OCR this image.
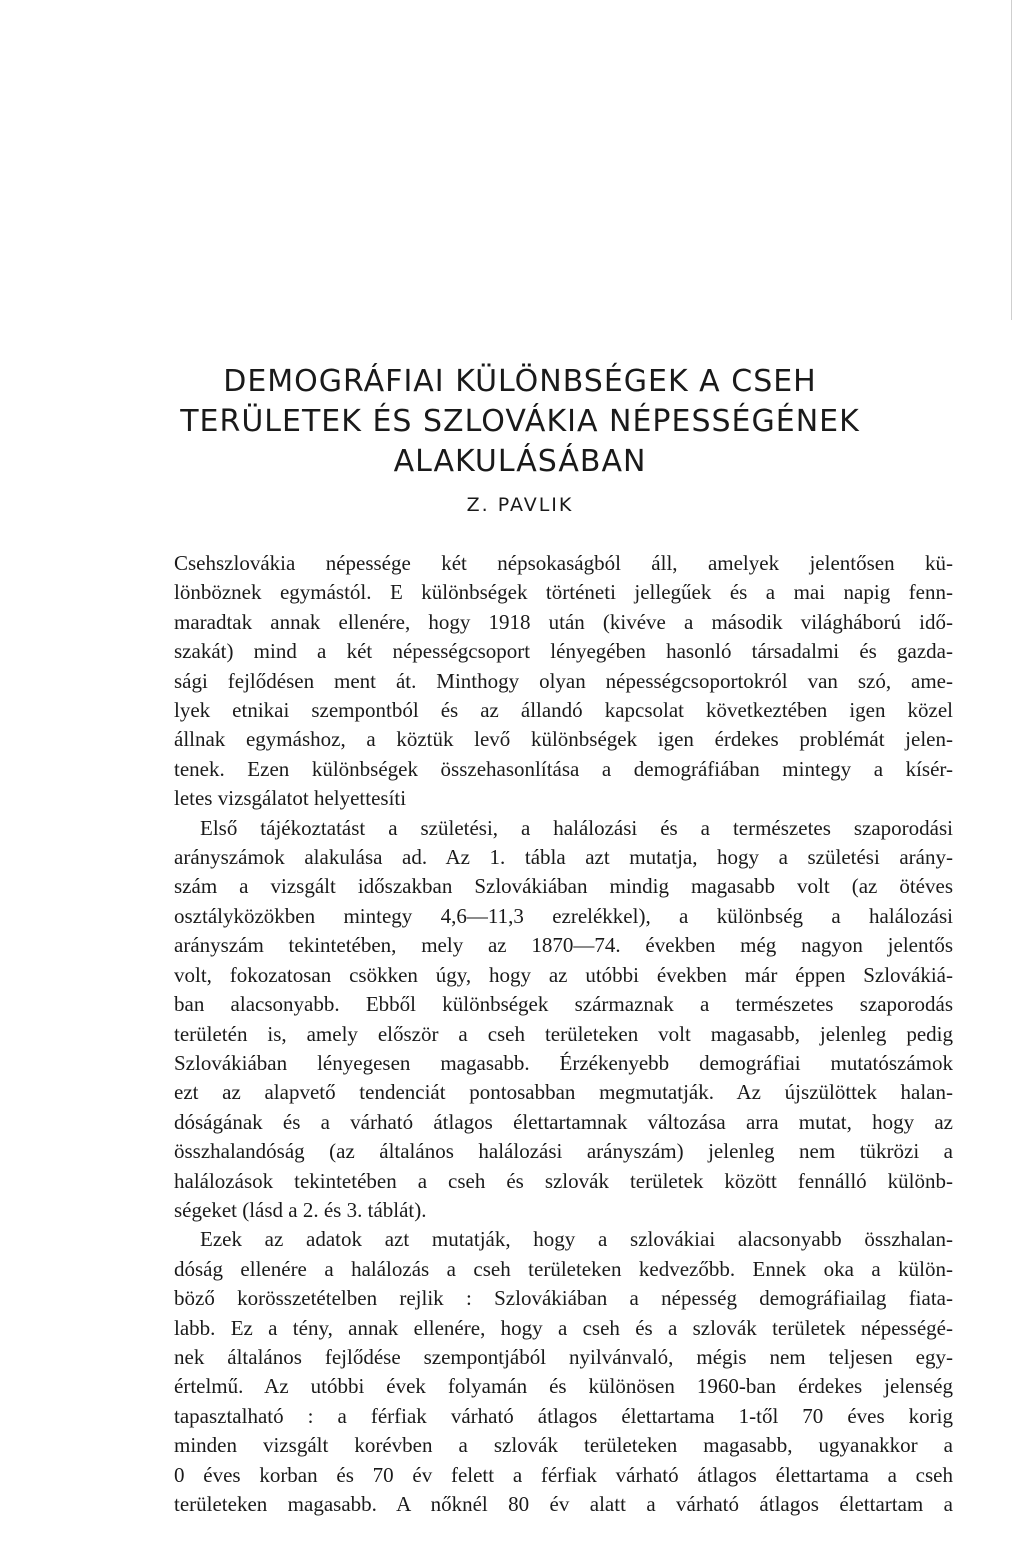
DEMOGRÁFIAI KÜLÖNBSÉGEK A CSEH
TERÜLETEK ÉS SZLOVÁKIA NÉPESSÉGÉNEK
ALAKULÁSÁBAN
Z. PAVLIK
Csehszlovákia népessége két népsokaságból áll, amelyek jelentősen kü-
lönböznek egymástól. E különbségek történeti jellegűek és a mai napig fenn-
maradtak annak ellenére, hogy 1918 után (kivéve a második világháború idő-
szakát) mind a két népességcsoport lényegében hasonló társadalmi és gazda-
sági fejlődésen ment át. Minthogy olyan népességcsoportokról van szó, ame-
lyek etnikai szempontból és az állandó kapcsolat következtében igen közel
állnak egymáshoz, a köztük levő különbségek igen érdekes problémát jelen-
tenek. Ezen különbségek összehasonlítása a demográfiában mintegy a kísér-
letes vizsgálatot helyettesíti
Első tájékoztatást a születési, a halálozási és a természetes szaporodási
arányszámok alakulása ad. Az 1. tábla azt mutatja, hogy a születési arány-
szám a vizsgált időszakban Szlovákiában mindig magasabb volt (az ötéves
osztályközökben mintegy 4,6—11,3 ezrelékkel), a különbség a halálozási
arányszám tekintetében, mely az 1870—74. években még nagyon jelentős
volt, fokozatosan csökken úgy, hogy az utóbbi években már éppen Szlovákiá-
ban alacsonyabb. Ebből különbségek származnak a természetes szaporodás
területén is, amely először a cseh területeken volt magasabb, jelenleg pedig
Szlovákiában lényegesen magasabb. Érzékenyebb demográfiai mutatószámok
ezt az alapvető tendenciát pontosabban megmutatják. Az újszülöttek halan-
dóságának és a várható átlagos élettartamnak változása arra mutat, hogy az
összhalandóság (az általános halálozási arányszám) jelenleg nem tükrözi a
halálozások tekintetében a cseh és szlovák területek között fennálló különb-
ségeket (lásd a 2. és 3. táblát).
Ezek az adatok azt mutatják, hogy a szlovákiai alacsonyabb összhalan-
dóság ellenére a halálozás a cseh területeken kedvezőbb. Ennek oka a külön-
böző korösszetételben rejlik : Szlovákiában a népesség demográfiailag fiata-
labb. Ez a tény, annak ellenére, hogy a cseh és a szlovák területek népességé-
nek általános fejlődése szempontjából nyilvánvaló, mégis nem teljesen egy-
értelmű. Az utóbbi évek folyamán és különösen 1960-ban érdekes jelenség
tapasztalható : a férfiak várható átlagos élettartama 1-től 70 éves korig
minden vizsgált korévben a szlovák területeken magasabb, ugyanakkor a
0 éves korban és 70 év felett a férfiak várható átlagos élettartama a cseh
területeken magasabb. A nőknél 80 év alatt a várható átlagos élettartam a
